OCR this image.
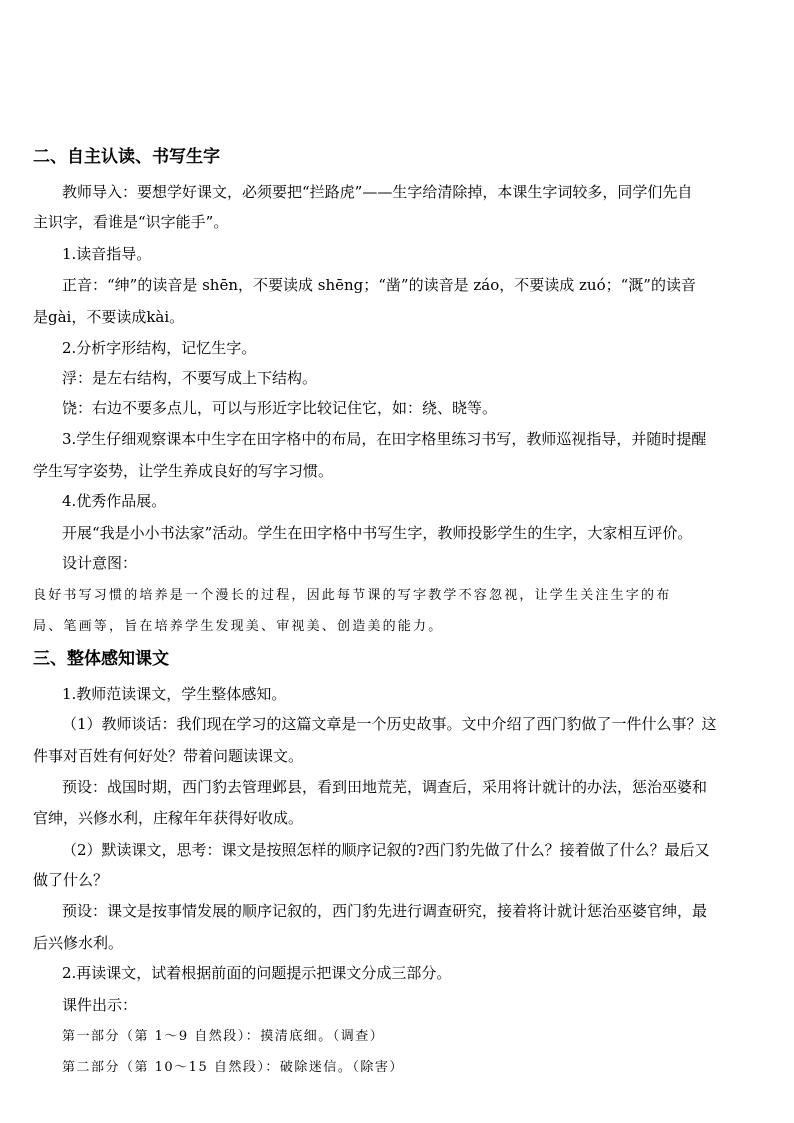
二、自主认读、书写生字
教师导入：要想学好课文，必须要把“拦路虎”——生字给清除掉，本课生字词较多，同学们先自
主识字，看谁是“识字能手”。
1.读音指导。
正音：“绅”的读音是 shēn，不要读成 shēng；“凿”的读音是 záo，不要读成 zuó；“溉”的读音
是gài，不要读成kài。
2.分析字形结构，记忆生字。
浮：是左右结构，不要写成上下结构。
饶：右边不要多点儿，可以与形近字比较记住它，如：绕、晓等。
3.学生仔细观察课本中生字在田字格中的布局，在田字格里练习书写，教师巡视指导，并随时提醒
学生写字姿势，让学生养成良好的写字习惯。
4.优秀作品展。
开展“我是小小书法家”活动。学生在田字格中书写生字，教师投影学生的生字，大家相互评价。
设计意图：
良好书写习惯的培养是一个漫长的过程，因此每节课的写字教学不容忽视，让学生关注生字的布
局、笔画等，旨在培养学生发现美、审视美、创造美的能力。
三、整体感知课文
1.教师范读课文，学生整体感知。
（1）教师谈话：我们现在学习的这篇文章是一个历史故事。文中介绍了西门豹做了一件什么事？这
件事对百姓有何好处？带着问题读课文。
预设：战国时期，西门豹去管理邺县，看到田地荒芜，调查后，采用将计就计的办法，惩治巫婆和
官绅，兴修水利，庄稼年年获得好收成。
（2）默读课文，思考：课文是按照怎样的顺序记叙的?西门豹先做了什么？接着做了什么？最后又
做了什么？
预设：课文是按事情发展的顺序记叙的，西门豹先进行调查研究，接着将计就计惩治巫婆官绅，最
后兴修水利。
2.再读课文，试着根据前面的问题提示把课文分成三部分。
课件出示：
第一部分（第 1～9 自然段）：摸清底细。（调查）
第二部分（第 10～15 自然段）：破除迷信。（除害）
